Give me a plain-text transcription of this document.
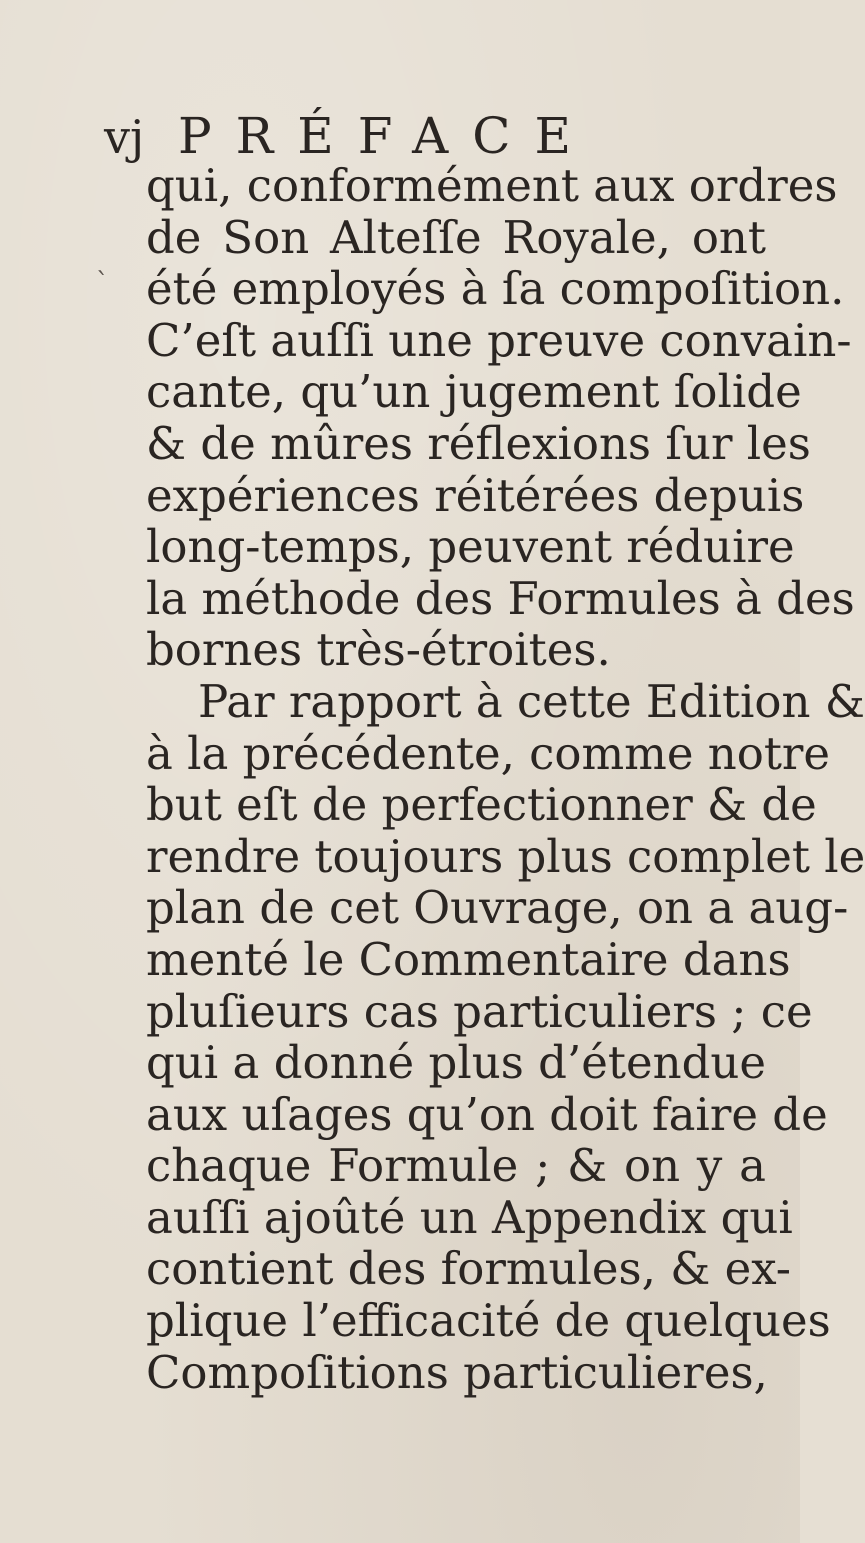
vj PRÉFACE
`
qui, conformément aux ordres
de Son Alteſſe Royale, ont
été employés à ſa compoſition.
C’eſt auſſi une preuve convain-
cante, qu’un jugement ſolide
& de mûres réflexions ſur les
expériences réitérées depuis
long-temps, peuvent réduire
la méthode des Formules à des
bornes très-étroites.
Par rapport à cette Edition &
à la précédente, comme notre
but eſt de perfectionner & de
rendre toujours plus complet le
plan de cet Ouvrage, on a aug-
menté le Commentaire dans
pluſieurs cas particuliers ; ce
qui a donné plus d’étendue
aux uſages qu’on doit faire de
chaque Formule ; & on y a
auſſi ajoûté un Appendix qui
contient des formules, & ex-
plique l’efficacité de quelques
Compoſitions particulieres,
